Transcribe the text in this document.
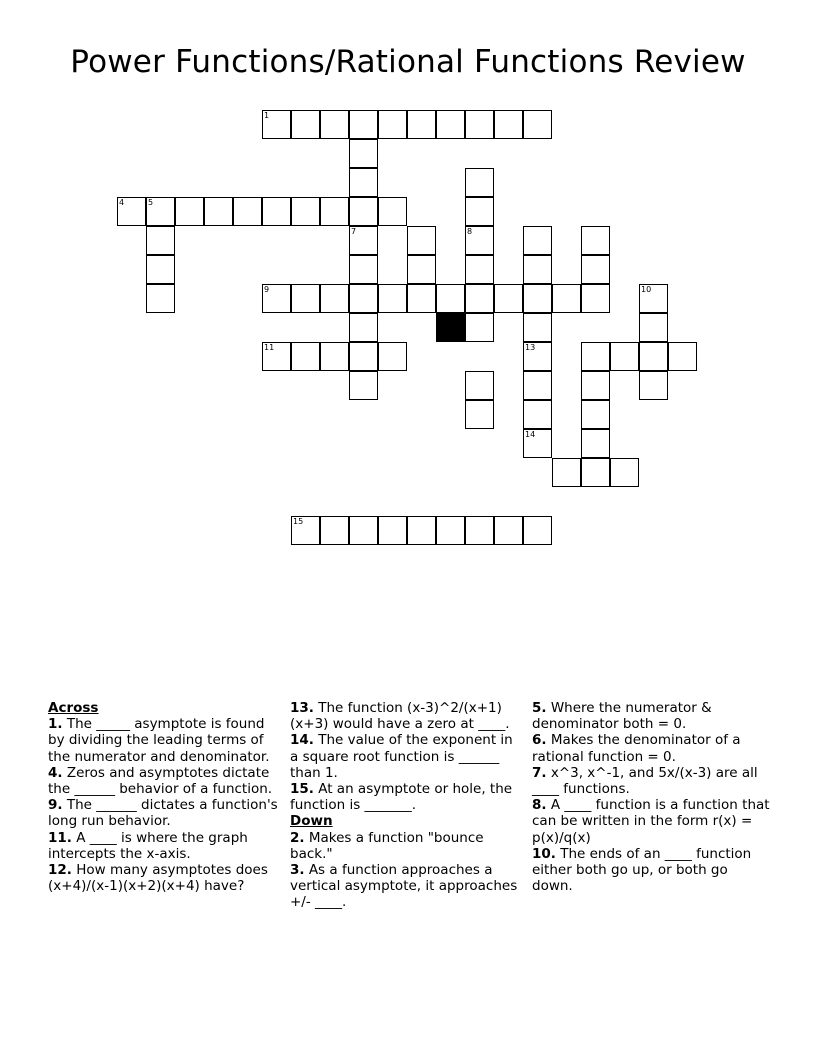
Power Functions/Rational Functions Review
1
7	8
4	5
13
14
9	10
11
15

Across

1. The _____ asymptote is found by dividing the leading terms of the numerator and denominator.

4. Zeros and asymptotes dictate the ______ behavior of a function.

9. The ______ dictates a function's long run behavior.

11. A ____ is where the graph intercepts the x-axis.

12. How many asymptotes does (x+4)/(x-1)(x+2)(x+4) have?

13. The function (x-3)^2/(x+1)(x+3) would have a zero at ____.

14. The value of the exponent in a square root function is ______ than 1.

15. At an asymptote or hole, the function is _______.

Down

2. Makes a function "bounce back."

3. As a function approaches a vertical asymptote, it approaches +/- ____.

5. Where the numerator & denominator both = 0.

6. Makes the denominator of a rational function = 0.

7. x^3, x^-1, and 5x/(x-3) are all ____ functions.

8. A ____ function is a function that can be written in the form r(x) = p(x)/q(x)

10. The ends of an ____ function either both go up, or both go down.
